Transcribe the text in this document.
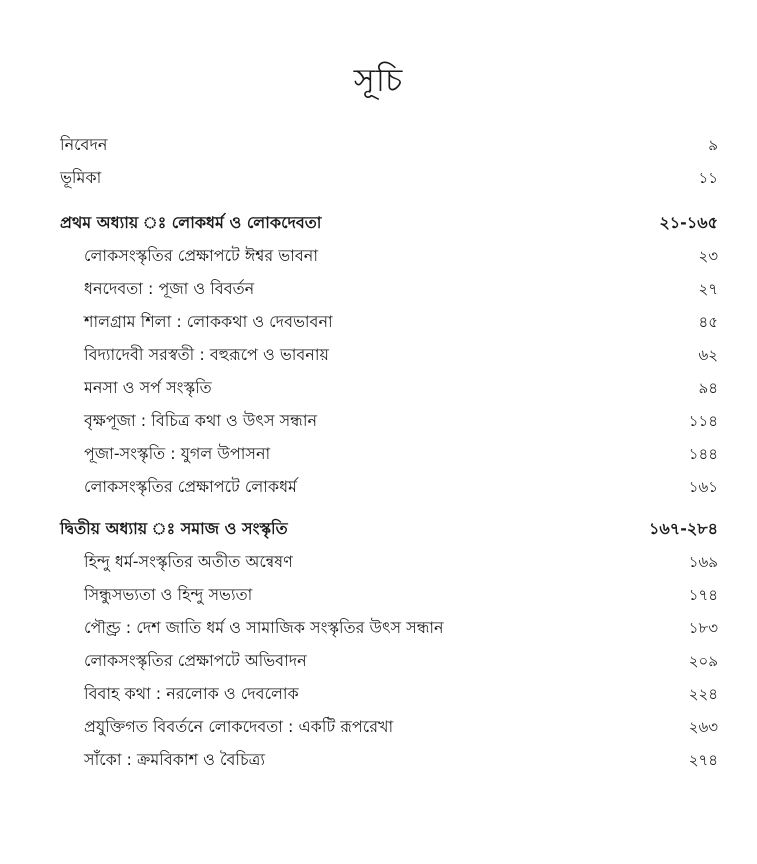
সূচি
নিবেদন	৯
ভূমিকা	১১
প্রথম অধ্যায় ঃ লোকধর্ম ও লোকদেবতা	২১-১৬৫
লোকসংস্কৃতির প্রেক্ষাপটে ঈশ্বর ভাবনা	২৩
ধনদেবতা : পূজা ও বিবর্তন	২৭
শালগ্রাম শিলা : লোককথা ও দেবভাবনা	৪৫
বিদ্যাদেবী সরস্বতী : বহুরূপে ও ভাবনায়	৬২
মনসা ও সর্প সংস্কৃতি	৯৪
বৃক্ষপূজা : বিচিত্র কথা ও উৎস সন্ধান	১১৪
পূজা-সংস্কৃতি : যুগল উপাসনা	১৪৪
লোকসংস্কৃতির প্রেক্ষাপটে লোকধর্ম	১৬১
দ্বিতীয় অধ্যায় ঃ সমাজ ও সংস্কৃতি	১৬৭-২৮৪
হিন্দু ধর্ম-সংস্কৃতির অতীত অন্বেষণ	১৬৯
সিন্ধুসভ্যতা ও হিন্দু সভ্যতা	১৭৪
পৌণ্ড্র : দেশ জাতি ধর্ম ও সামাজিক সংস্কৃতির উৎস সন্ধান	১৮৩
লোকসংস্কৃতির প্রেক্ষাপটে অভিবাদন	২০৯
বিবাহ কথা : নরলোক ও দেবলোক	২২৪
প্রযুক্তিগত বিবর্তনে লোকদেবতা : একটি রূপরেখা	২৬৩
সাঁকো : ক্রমবিকাশ ও বৈচিত্র্য	২৭৪
